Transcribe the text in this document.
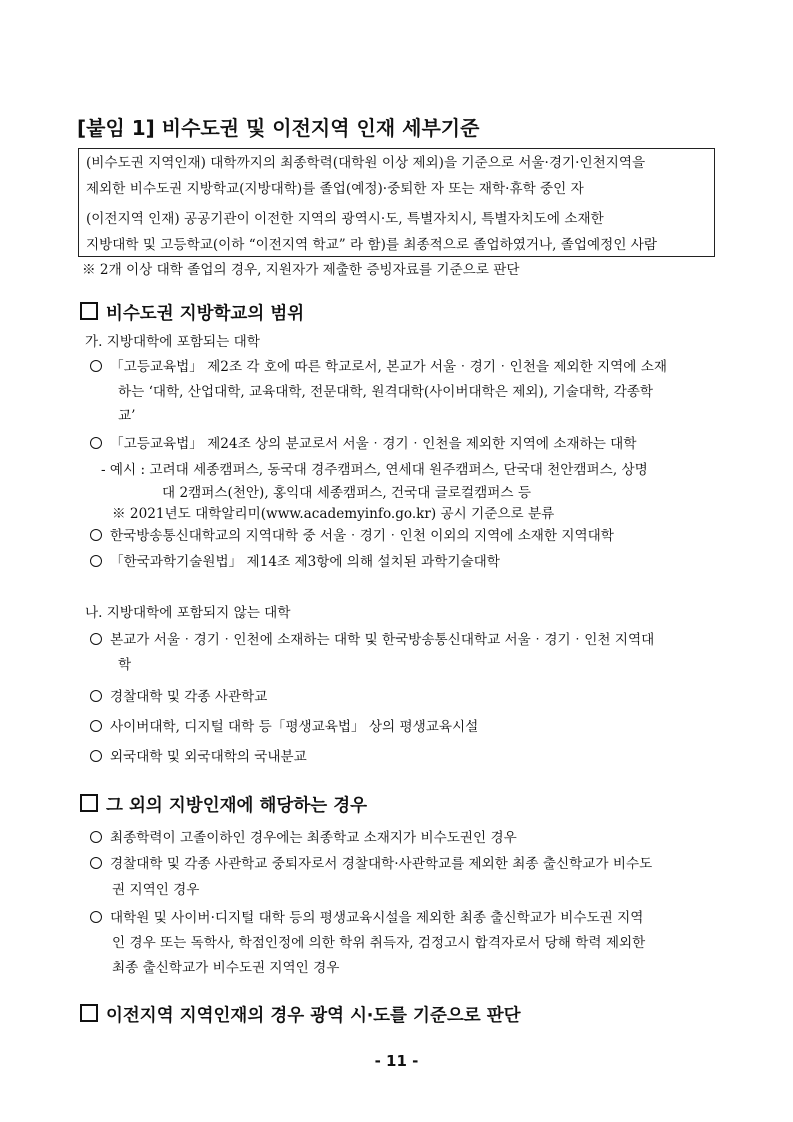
[붙임 1] 비수도권 및 이전지역 인재 세부기준
(비수도권 지역인재) 대학까지의 최종학력(대학원 이상 제외)을 기준으로 서울·경기·인천지역을
제외한 비수도권 지방학교(지방대학)를 졸업(예정)·중퇴한 자 또는 재학·휴학 중인 자
(이전지역 인재) 공공기관이 이전한 지역의 광역시·도, 특별자치시, 특별자치도에 소재한
지방대학 및 고등학교(이하 “이전지역 학교” 라 함)를 최종적으로 졸업하였거나, 졸업예정인 사람
※ 2개 이상 대학 졸업의 경우, 지원자가 제출한 증빙자료를 기준으로 판단
비수도권 지방학교의 범위
가. 지방대학에 포함되는 대학
「고등교육법」 제2조 각 호에 따른 학교로서, 본교가 서울‧경기‧인천을 제외한 지역에 소재
하는 ‘대학, 산업대학, 교육대학, 전문대학, 원격대학(사이버대학은 제외), 기술대학, 각종학
교’
「고등교육법」 제24조 상의 분교로서 서울‧경기‧인천을 제외한 지역에 소재하는 대학
- 예시 : 고려대 세종캠퍼스, 동국대 경주캠퍼스, 연세대 원주캠퍼스, 단국대 천안캠퍼스, 상명
대 2캠퍼스(천안), 홍익대 세종캠퍼스, 건국대 글로컬캠퍼스 등
※ 2021년도 대학알리미(www.academyinfo.go.kr) 공시 기준으로 분류
한국방송통신대학교의 지역대학 중 서울‧경기‧인천 이외의 지역에 소재한 지역대학
「한국과학기술원법」 제14조 제3항에 의해 설치된 과학기술대학
나. 지방대학에 포함되지 않는 대학
본교가 서울‧경기‧인천에 소재하는 대학 및 한국방송통신대학교 서울‧경기‧인천 지역대
학
경찰대학 및 각종 사관학교
사이버대학, 디지털 대학 등「평생교육법」 상의 평생교육시설
외국대학 및 외국대학의 국내분교
그 외의 지방인재에 해당하는 경우
최종학력이 고졸이하인 경우에는 최종학교 소재지가 비수도권인 경우
경찰대학 및 각종 사관학교 중퇴자로서 경찰대학·사관학교를 제외한 최종 출신학교가 비수도
권 지역인 경우
대학원 및 사이버·디지털 대학 등의 평생교육시설을 제외한 최종 출신학교가 비수도권 지역
인 경우 또는 독학사, 학점인정에 의한 학위 취득자, 검정고시 합격자로서 당해 학력 제외한
최종 출신학교가 비수도권 지역인 경우
이전지역 지역인재의 경우 광역 시‧도를 기준으로 판단
- 11 -
